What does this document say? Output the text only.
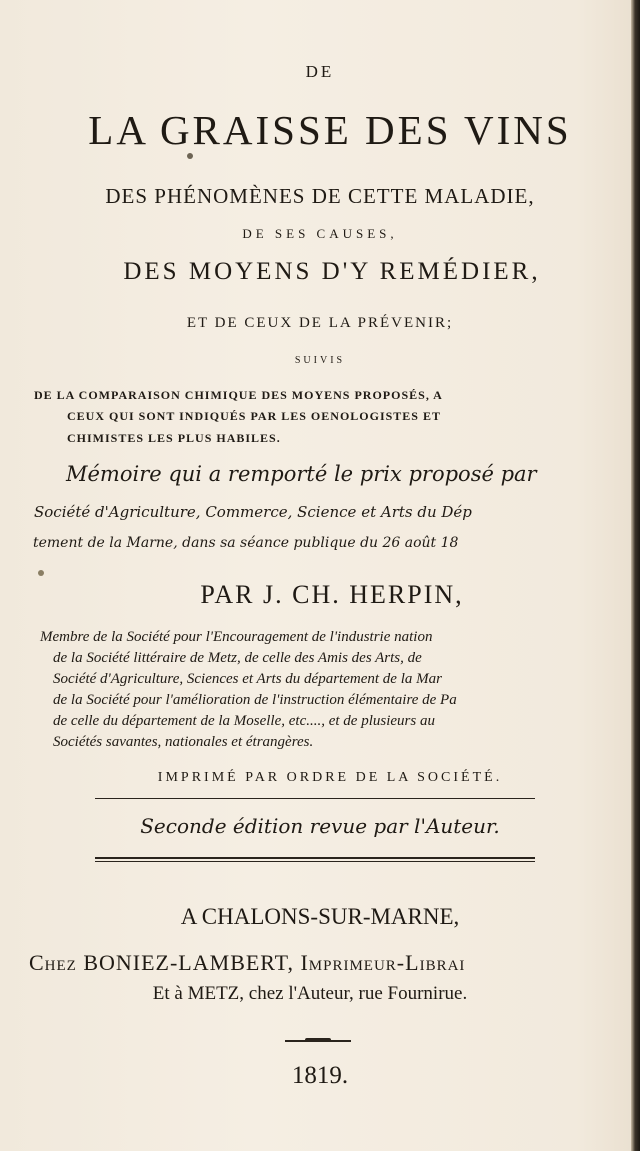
DE
LA GRAISSE DES VINS
DES PHÉNOMÈNES DE CETTE MALADIE,
DE SES CAUSES,
DES MOYENS D'Y REMÉDIER,
ET DE CEUX DE LA PRÉVENIR;
SUIVIS
DE LA COMPARAISON CHIMIQUE DES MOYENS PROPOSÉS, A
CEUX QUI SONT INDIQUÉS PAR LES OENOLOGISTES ET
CHIMISTES LES PLUS HABILES.
Mémoire qui a remporté le prix proposé par
Société d'Agriculture, Commerce, Science et Arts du Dép
tement de la Marne, dans sa séance publique du 26 août 18
PAR J. CH. HERPIN,
Membre de la Société pour l'Encouragement de l'industrie nation
de la Société littéraire de Metz, de celle des Amis des Arts, de
Société d'Agriculture, Sciences et Arts du département de la Mar
de la Société pour l'amélioration de l'instruction élémentaire de Pa
de celle du département de la Moselle, etc...., et de plusieurs au
Sociétés savantes, nationales et étrangères.
IMPRIMÉ PAR ORDRE DE LA SOCIÉTÉ.
Seconde édition revue par l'Auteur.
A CHALONS-SUR-MARNE,
Chez BONIEZ-LAMBERT, Imprimeur-Librai
Et à METZ, chez l'Auteur, rue Fournirue.
1819.
